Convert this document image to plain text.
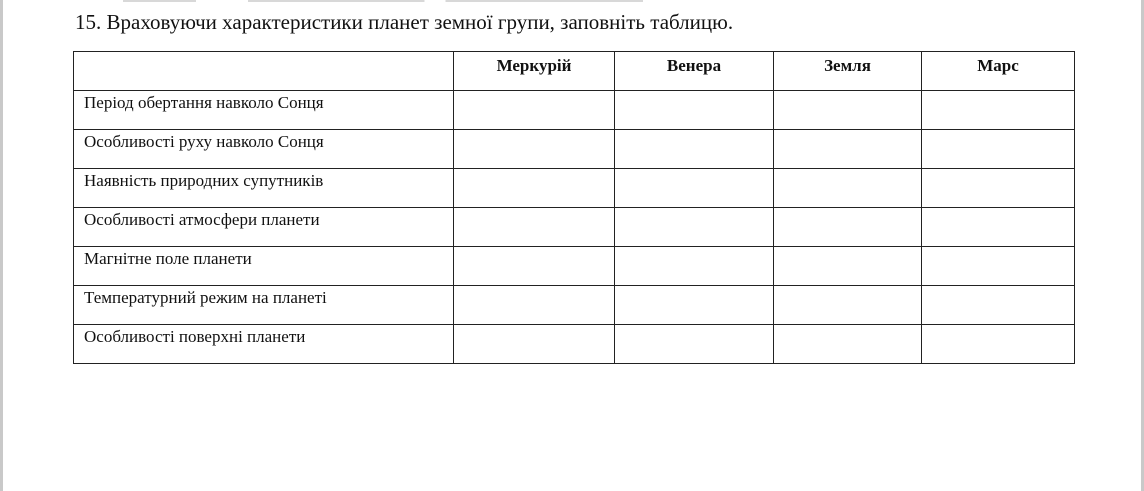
15. Враховуючи характеристики планет земної групи, заповніть таблицю.
	Меркурій	Венера	Земля	Марс
Період обертання навколо Сонця				
Особливості руху навколо Сонця				
Наявність природних супутників				
Особливості атмосфери планети				
Магнітне поле планети				
Температурний режим на планеті				
Особливості поверхні планети				
